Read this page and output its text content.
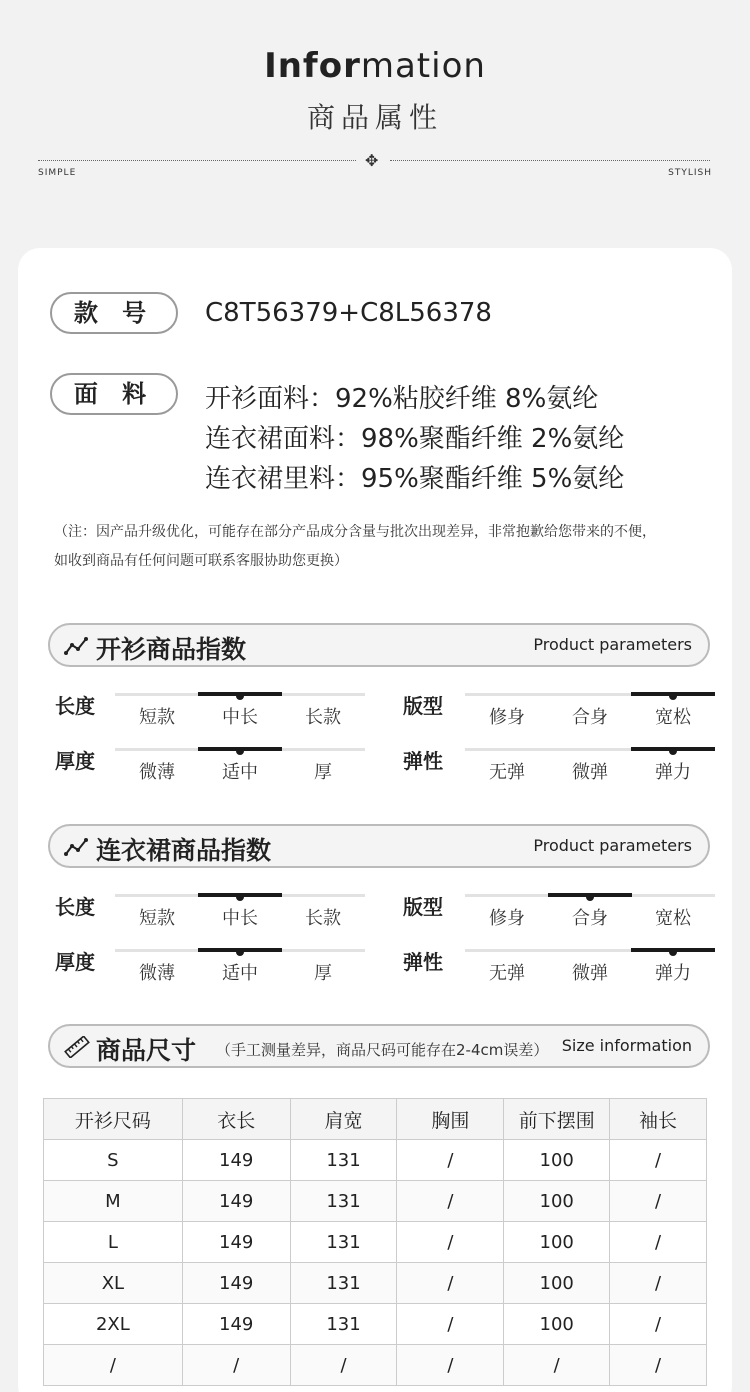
Information
商品属性
✥
SIMPLE	STYLISH
款 号	C8T56379+C8L56378
面 料	开衫面料：92%粘胶纤维 8%氨纶
连衣裙面料：98%聚酯纤维 2%氨纶
连衣裙里料：95%聚酯纤维 5%氨纶
（注：因产品升级优化，可能存在部分产品成分含量与批次出现差异，非常抱歉给您带来的不便，
如收到商品有任何问题可联系客服协助您更换）
开衫商品指数	Product parameters
长度	短款	中长	长款	版型	修身	合身	宽松
厚度	微薄	适中	厚	弹性	无弹	微弹	弹力
连衣裙商品指数	Product parameters
长度	短款	中长	长款	版型	修身	合身	宽松
厚度	微薄	适中	厚	弹性	无弹	微弹	弹力
商品尺寸 （手工测量差异，商品尺码可能存在2-4cm误差） Size information
开衫尺码	衣长	肩宽	胸围	前下摆围	袖长
S	149	131	/	100	/
M	149	131	/	100	/
L	149	131	/	100	/
XL	149	131	/	100	/
2XL	149	131	/	100	/
/	/	/	/	/	/
